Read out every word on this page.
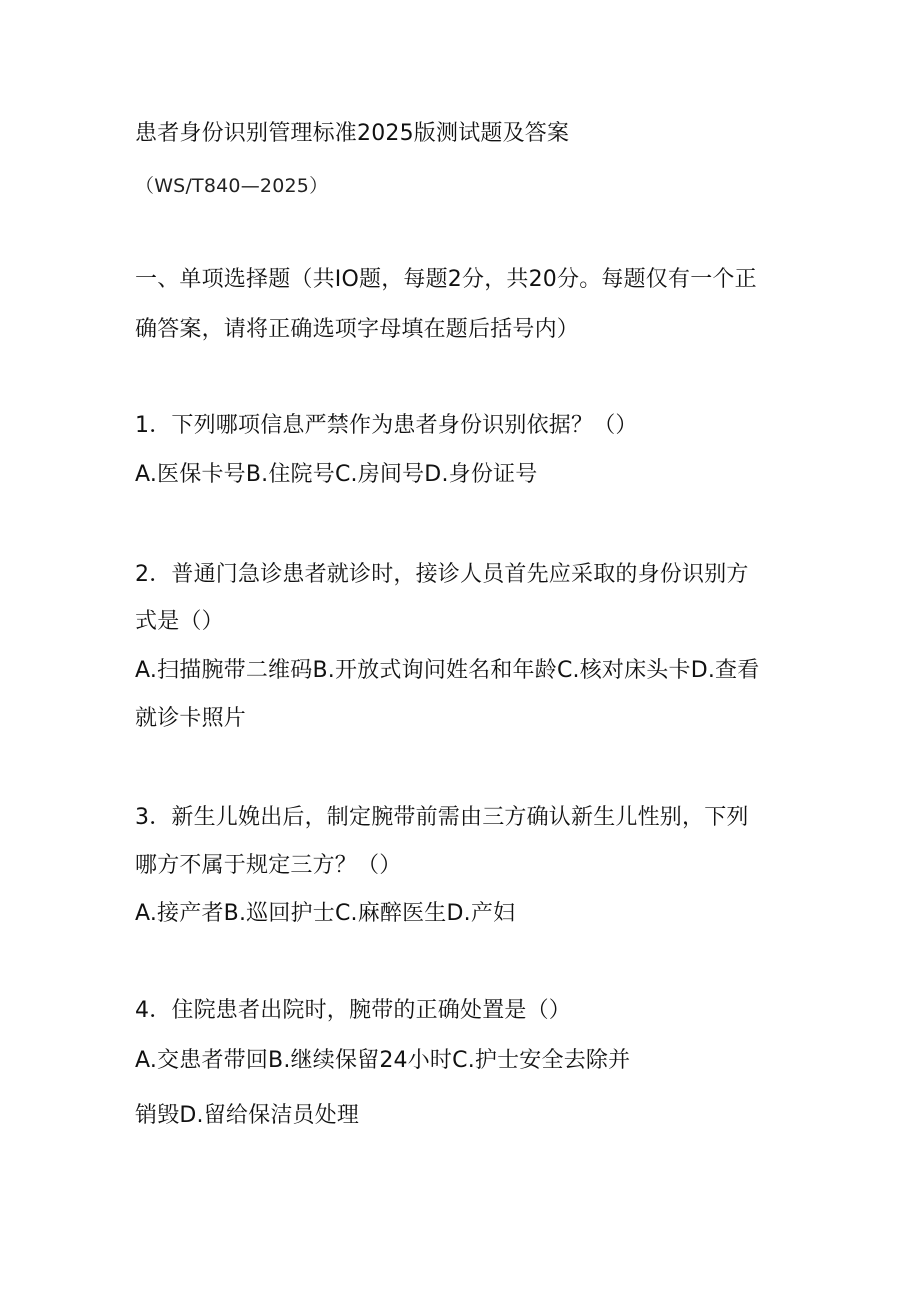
患者身份识别管理标准2025版测试题及答案
（WS/T840—2025）
一、单项选择题（共IO题，每题2分，共20分。每题仅有一个正
确答案，请将正确选项字母填在题后括号内）
1．下列哪项信息严禁作为患者身份识别依据？（）
A.医保卡号B.住院号C.房间号D.身份证号
2．普通门急诊患者就诊时，接诊人员首先应采取的身份识别方
式是（）
A.扫描腕带二维码B.开放式询问姓名和年龄C.核对床头卡D.查看
就诊卡照片
3．新生儿娩出后，制定腕带前需由三方确认新生儿性别，下列
哪方不属于规定三方？（）
A.接产者B.巡回护士C.麻醉医生D.产妇
4．住院患者出院时，腕带的正确处置是（）
A.交患者带回B.继续保留24小时C.护士安全去除并
销毁D.留给保洁员处理
